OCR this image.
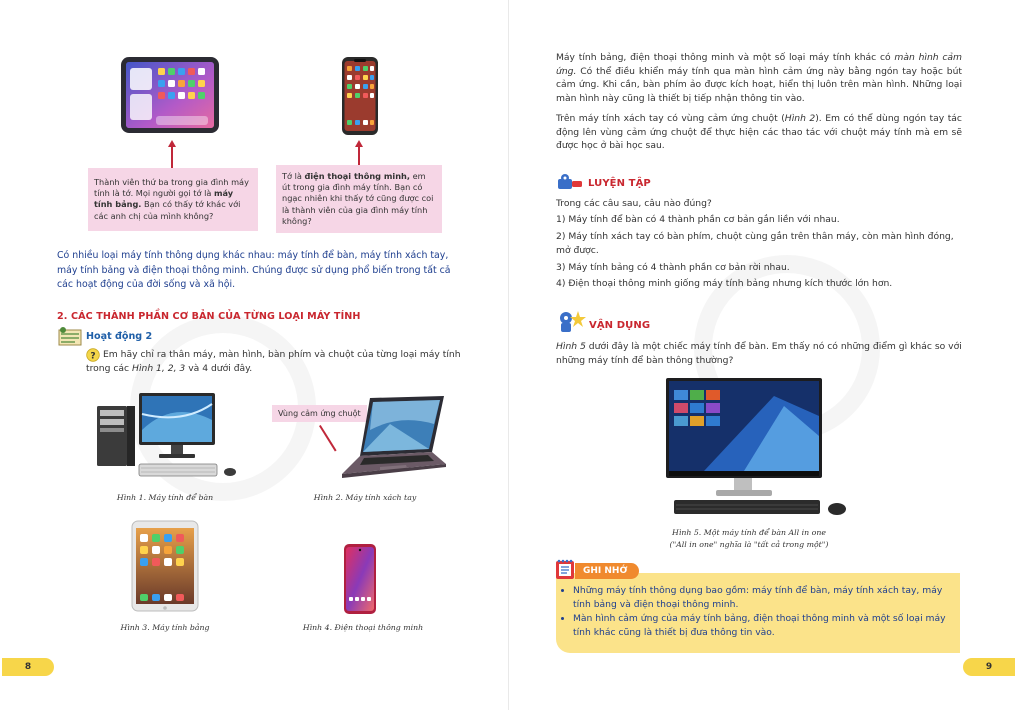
Thành viên thứ ba trong gia đình máy tính là tớ. Mọi người gọi tớ là máy tính bảng. Bạn có thấy tớ khác với các anh chị của mình không?
Tớ là điện thoại thông minh, em út trong gia đình máy tính. Bạn có ngạc nhiên khi thấy tớ cũng được coi là thành viên của gia đình máy tính không?
Có nhiều loại máy tính thông dụng khác nhau: máy tính để bàn, máy tính xách tay, máy tính bảng và điện thoại thông minh. Chúng được sử dụng phổ biến trong tất cả các hoạt động của đời sống và xã hội.
2. CÁC THÀNH PHẦN CƠ BẢN CỦA TỪNG LOẠI MÁY TÍNH
Hoạt động 2
? Em hãy chỉ ra thân máy, màn hình, bàn phím và chuột của từng loại máy tính trong các Hình 1, 2, 3 và 4 dưới đây.
Vùng cảm ứng chuột
Hình 1. Máy tính để bàn	Hình 2. Máy tính xách tay
Hình 3. Máy tính bảng	Hình 4. Điện thoại thông minh
8
Máy tính bảng, điện thoại thông minh và một số loại máy tính khác có màn hình cảm ứng. Có thể điều khiển máy tính qua màn hình cảm ứng này bằng ngón tay hoặc bút cảm ứng. Khi cần, bàn phím ảo được kích hoạt, hiển thị luôn trên màn hình. Những loại màn hình này cũng là thiết bị tiếp nhận thông tin vào.
Trên máy tính xách tay có vùng cảm ứng chuột (Hình 2). Em có thể dùng ngón tay tác động lên vùng cảm ứng chuột để thực hiện các thao tác với chuột máy tính mà em sẽ được học ở bài học sau.
LUYỆN TẬP
Trong các câu sau, câu nào đúng?
1) Máy tính để bàn có 4 thành phần cơ bản gắn liền với nhau.
2) Máy tính xách tay có bàn phím, chuột cùng gắn trên thân máy, còn màn hình đóng, mở được.
3) Máy tính bảng có 4 thành phần cơ bản rời nhau.
4) Điện thoại thông minh giống máy tính bảng nhưng kích thước lớn hơn.
VẬN DỤNG
Hình 5 dưới đây là một chiếc máy tính để bàn. Em thấy nó có những điểm gì khác so với những máy tính để bàn thông thường?
Hình 5. Một máy tính để bàn All in one
("All in one" nghĩa là "tất cả trong một")
GHI NHỚ
• Những máy tính thông dụng bao gồm: máy tính để bàn, máy tính xách tay, máy tính bảng và điện thoại thông minh.
• Màn hình cảm ứng của máy tính bảng, điện thoại thông minh và một số loại máy tính khác cũng là thiết bị đưa thông tin vào.
9
